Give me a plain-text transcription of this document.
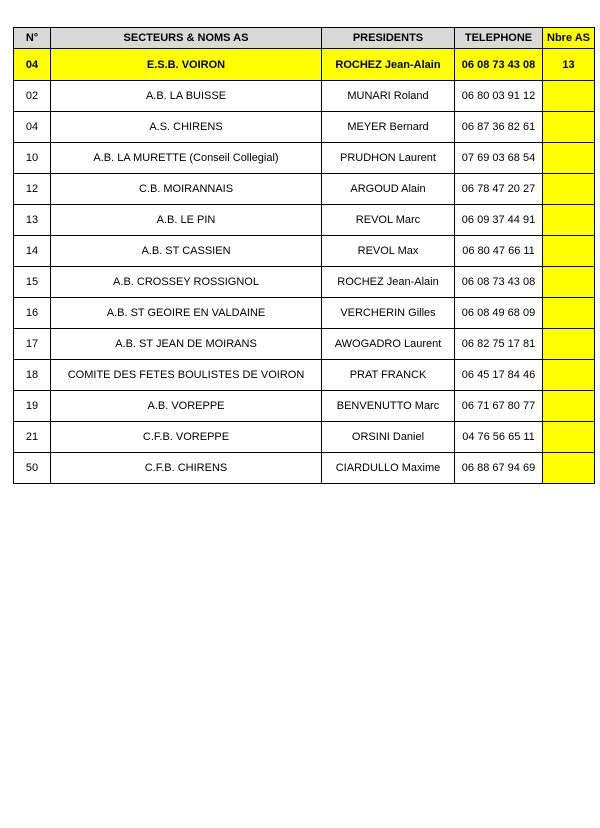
N°	SECTEURS & NOMS AS	PRESIDENTS	TELEPHONE	Nbre AS
04	E.S.B. VOIRON	ROCHEZ Jean-Alain	06 08 73 43 08	13
02	A.B. LA BUISSE	MUNARI Roland	06 80 03 91 12	
04	A.S. CHIRENS	MEYER Bernard	06 87 36 82 61	
10	A.B. LA MURETTE (Conseil Collegial)	PRUDHON Laurent	07 69 03 68 54	
12	C.B. MOIRANNAIS	ARGOUD Alain	06 78 47 20 27	
13	A.B. LE PIN	REVOL Marc	06 09 37 44 91	
14	A.B. ST CASSIEN	REVOL Max	06 80 47 66 11	
15	A.B. CROSSEY ROSSIGNOL	ROCHEZ Jean-Alain	06 08 73 43 08	
16	A.B. ST GEOIRE EN VALDAINE	VERCHERIN Gilles	06 08 49 68 09	
17	A.B. ST JEAN DE MOIRANS	AWOGADRO Laurent	06 82 75 17 81	
18	COMITE DES FETES BOULISTES DE VOIRON	PRAT FRANCK	06 45 17 84 46	
19	A.B. VOREPPE	BENVENUTTO Marc	06 71 67 80 77	
21	C.F.B. VOREPPE	ORSINI Daniel	04 76 56 65 11	
50	C.F.B. CHIRENS	CIARDULLO Maxime	06 88 67 94 69	
